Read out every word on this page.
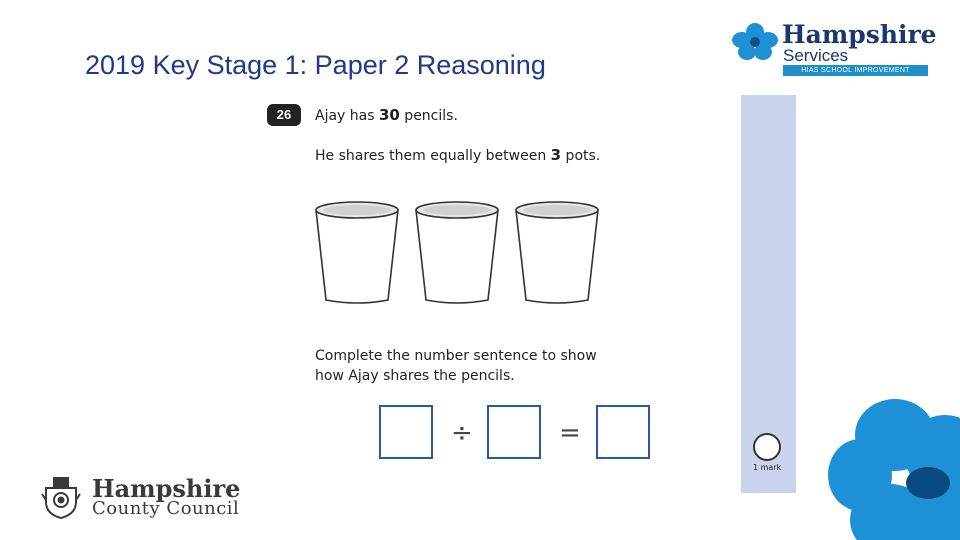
2019 Key Stage 1: Paper 2 Reasoning
Hampshire
Services
HIAS SCHOOL IMPROVEMENT
26	Ajay has 30 pencils.
He shares them equally between 3 pots.
Complete the number sentence to show
how Ajay shares the pencils.
÷	=
1 mark
Hampshire
County Council
